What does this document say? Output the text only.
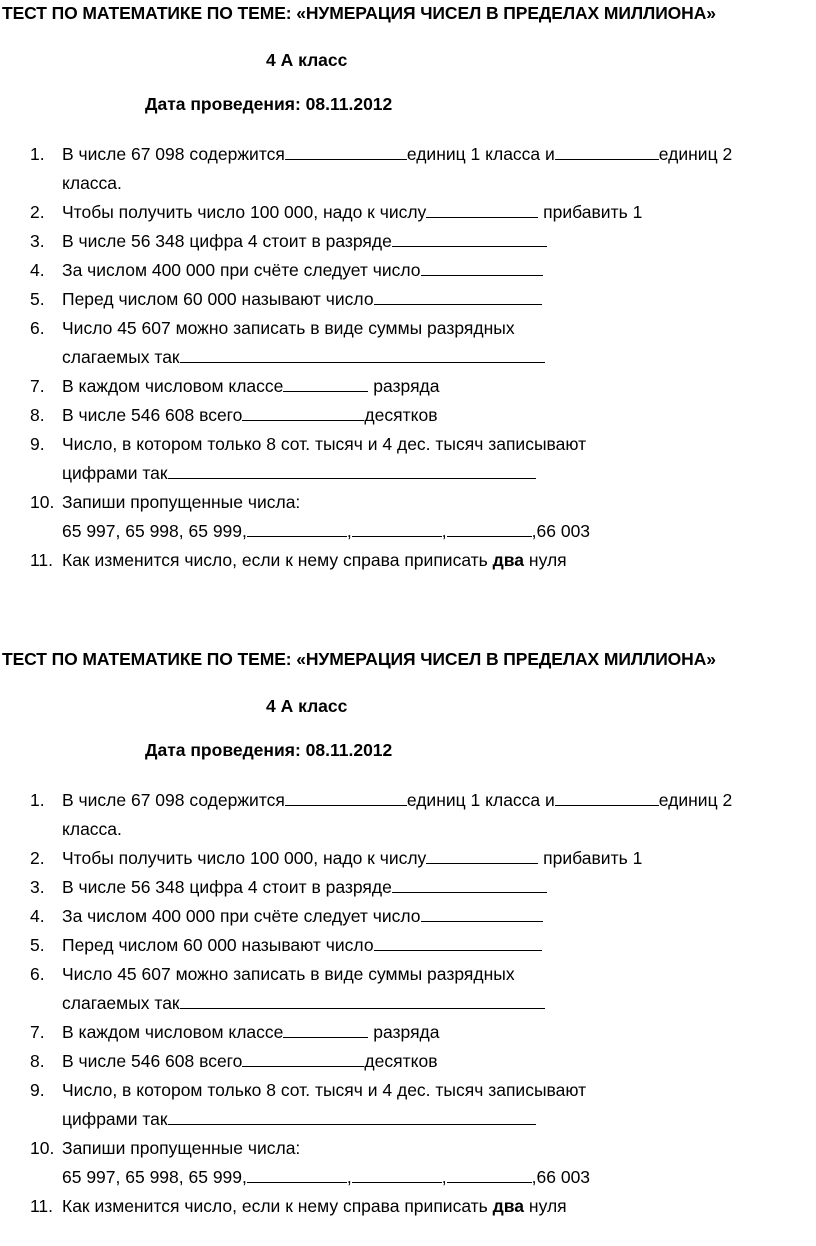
ТЕСТ ПО МАТЕМАТИКЕ ПО ТЕМЕ: «НУМЕРАЦИЯ ЧИСЕЛ В ПРЕДЕЛАХ МИЛЛИОНА»
4 А класс
Дата проведения: 08.11.2012
1. В числе 67 098 содержится	единиц 1 класса и	единиц 2
класса.
2. Чтобы получить число 100 000, надо к числу	прибавить 1
3. В числе 56 348 цифра 4 стоит в разряде
4. За числом 400 000 при счёте следует число
5. Перед числом 60 000 называют число
6. Число 45 607 можно записать в виде суммы разрядных
слагаемых так
7. В каждом числовом классе	разряда
8. В числе 546 608 всего	десятков
9. Число, в котором только 8 сот. тысяч и 4 дес. тысяч записывают
цифрами так
10. Запиши пропущенные числа:
65 997, 65 998, 65 999,	,	,	,66 003
11. Как изменится число, если к нему справа приписать два нуля
ТЕСТ ПО МАТЕМАТИКЕ ПО ТЕМЕ: «НУМЕРАЦИЯ ЧИСЕЛ В ПРЕДЕЛАХ МИЛЛИОНА»
4 А класс
Дата проведения: 08.11.2012
1. В числе 67 098 содержится	единиц 1 класса и	единиц 2
класса.
2. Чтобы получить число 100 000, надо к числу	прибавить 1
3. В числе 56 348 цифра 4 стоит в разряде
4. За числом 400 000 при счёте следует число
5. Перед числом 60 000 называют число
6. Число 45 607 можно записать в виде суммы разрядных
слагаемых так
7. В каждом числовом классе	разряда
8. В числе 546 608 всего	десятков
9. Число, в котором только 8 сот. тысяч и 4 дес. тысяч записывают
цифрами так
10. Запиши пропущенные числа:
65 997, 65 998, 65 999,	,	,	,66 003
11. Как изменится число, если к нему справа приписать два нуля
